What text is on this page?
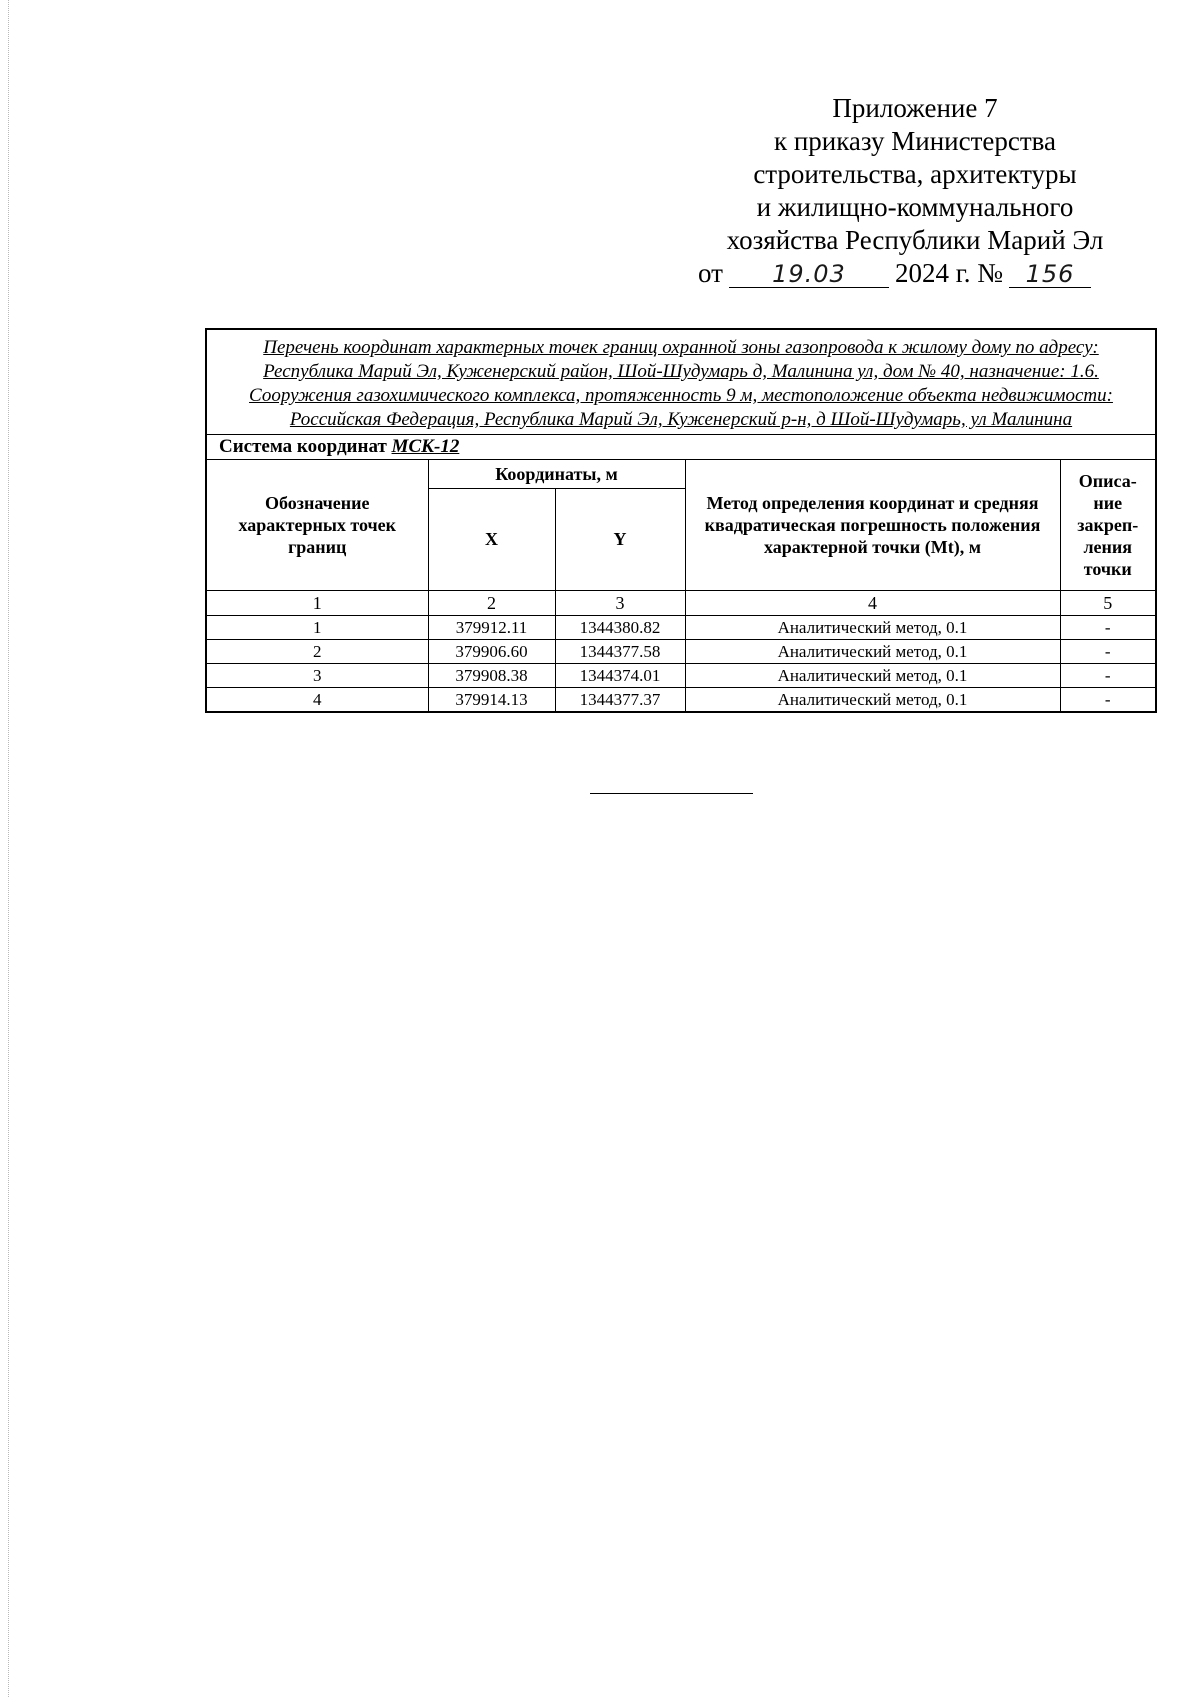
Приложение 7
к приказу Министерства
строительства, архитектуры
и жилищно-коммунального
хозяйства Республики Марий Эл
от 19.03 2024 г. № 156
Перечень координат характерных точек границ охранной зоны газопровода к жилому дому по адресу: Республика Марий Эл, Куженерский район, Шой-Шудумарь д, Малинина ул, дом № 40, назначение: 1.6. Сооружения газохимического комплекса, протяженность 9 м, местоположение объекта недвижимости: Российская Федерация, Республика Марий Эл, Куженерский р-н, д Шой-Шудумарь, ул Малинина				
Система координат МСК-12				
Обозначение характерных точек границ	Координаты, м		Метод определения координат и средняя квадратическая погрешность положения характерной точки (Mt), м	Описа-ние закреп-ления точки
	X	Y		
1	2	3	4	5
1	379912.11	1344380.82	Аналитический метод, 0.1	-
2	379906.60	1344377.58	Аналитический метод, 0.1	-
3	379908.38	1344374.01	Аналитический метод, 0.1	-
4	379914.13	1344377.37	Аналитический метод, 0.1	-
